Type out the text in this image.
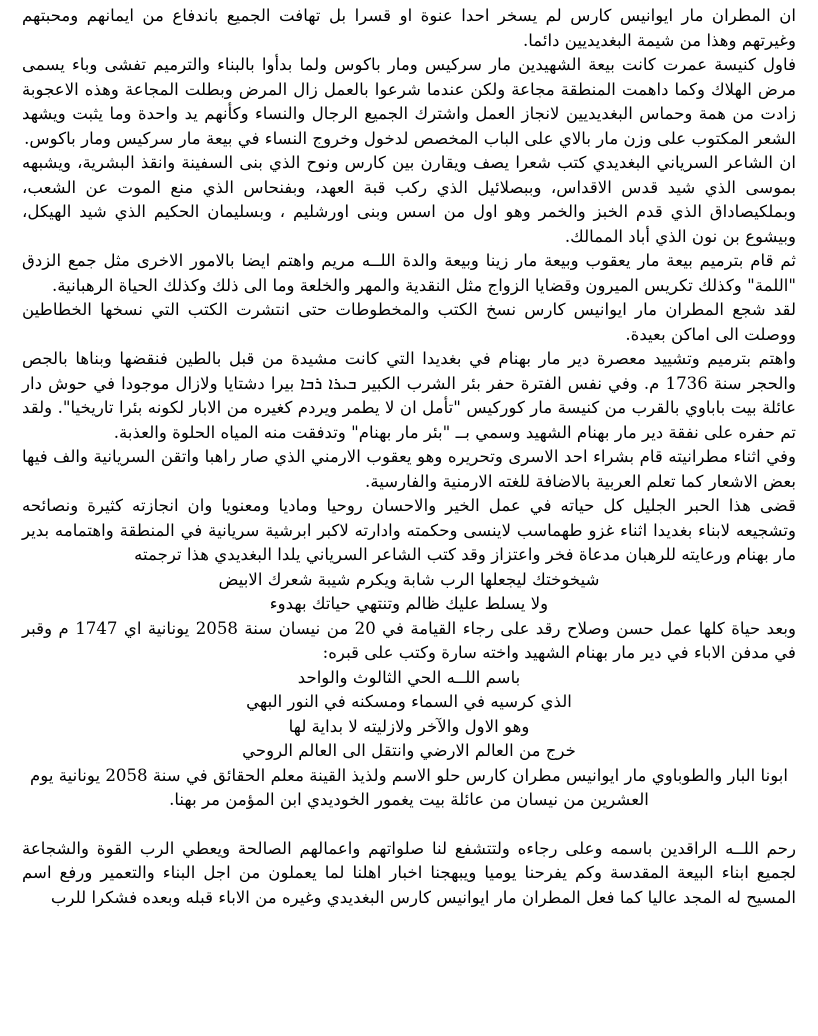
ان المطران مار ايوانيس كارس لم يسخر احدا عنوة او قسرا بل تهافت الجميع باندفاع من ايمانهم ومحبتهم وغيرتهم وهذا من شيمة البغديديين دائما.

فاول كنيسة عمرت كانت بيعة الشهيدين مار سركيس ومار باكوس ولما بدأوا بالبناء والترميم تفشى وباء يسمى مرض الهلاك وكما داهمت المنطقة مجاعة ولكن عندما شرعوا بالعمل زال المرض وبطلت المجاعة وهذه الاعجوبة زادت من همة وحماس البغديديين لانجاز العمل واشترك الجميع الرجال والنساء وكأنهم يد واحدة وما يثبت ويشهد الشعر المكتوب على وزن مار بالاي على الباب المخصص لدخول وخروج النساء في بيعة مار سركيس ومار باكوس.

ان الشاعر السرياني البغديدي كتب شعرا يصف ويقارن بين كارس ونوح الذي بنى السفينة وانقذ البشرية، ويشبهه بموسى الذي شيد قدس الاقداس، وببصلائيل الذي ركب قبة العهد، وبفنحاس الذي منع الموت عن الشعب، وبملكيصاداق الذي قدم الخبز والخمر وهو اول من اسس وبنى اورشليم ، وبسليمان الحكيم الذي شيد الهيكل، وبيشوع بن نون الذي أباد الممالك.

ثم قام بترميم بيعة مار يعقوب وبيعة مار زينا وبيعة والدة اللــه مريم واهتم ايضا بالامور الاخرى مثل جمع الزدق "اللمة" وكذلك تكريس الميرون وقضايا الزواج مثل النقدية والمهر والخلعة وما الى ذلك وكذلك الحياة الرهبانية.

لقد شجع المطران مار ايوانيس كارس نسخ الكتب والمخطوطات حتى انتشرت الكتب التي نسخها الخطاطين ووصلت الى اماكن بعيدة.

واهتم بترميم وتشييد معصرة دير مار بهنام في بغديدا التي كانت مشيدة من قبل بالطين فنقضها وبناها بالجص والحجر سنة 1736 م. وفي نفس الفترة حفر بئر الشرب الكبير ܒܝܪܐ ܪܒܐ بيرا دشتايا ولازال موجودا في حوش دار عائلة بيت باباوي بالقرب من كنيسة مار كوركيس "تأمل ان لا يطمر ويردم كغيره من الابار لكونه بئرا تاريخيا". ولقد تم حفره على نفقة دير مار بهنام الشهيد وسمي بــ "بئر مار بهنام" وتدفقت منه المياه الحلوة والعذبة.

وفي اثناء مطرانيته قام بشراء احد الاسرى وتحريره وهو يعقوب الارمني الذي صار راهبا واتقن السريانية والف فيها بعض الاشعار كما تعلم العربية بالاضافة للغته الارمنية والفارسية.

قضى هذا الحبر الجليل كل حياته في عمل الخير والاحسان روحيا وماديا ومعنويا وان انجازته كثيرة ونصائحه وتشجيعه لابناء بغديدا اثناء غزو طهماسب لاينسى وحكمته وادارته لاكبر ابرشية سريانية في المنطقة واهتمامه بدير مار بهنام ورعايته للرهبان مدعاة فخر واعتزاز وقد كتب الشاعر السرياني يلدا البغديدي هذا ترجمته

شيخوختك ليجعلها الرب شابة ويكرم شيبة شعرك الابيض
ولا يسلط عليك ظالم وتنتهي حياتك بهدوء

وبعد حياة كلها عمل حسن وصلاح رقد على رجاء القيامة في 20 من نيسان سنة 2058 يونانية اي 1747 م وقبر في مدفن الاباء في دير مار بهنام الشهيد واخته سارة وكتب على قبره:

باسم اللــه الحي الثالوث والواحد
الذي كرسيه في السماء ومسكنه في النور البهي
وهو الاول والآخر ولازليته لا بداية لها
خرج من العالم الارضي وانتقل الى العالم الروحي

ابونا البار والطوباوي مار ايوانيس مطران كارس حلو الاسم ولذيذ القينة معلم الحقائق في سنة 2058 يونانية يوم العشرين من نيسان من عائلة بيت يغمور الخوديدي ابن المؤمن مر بهنا.

رحم اللــه الراقدين باسمه وعلى رجاءه ولتتشفع لنا صلواتهم واعمالهم الصالحة ويعطي الرب القوة والشجاعة لجميع ابناء البيعة المقدسة وكم يفرحنا يوميا ويبهجنا اخبار اهلنا لما يعملون من اجل البناء والتعمير ورفع اسم المسيح له المجد عاليا كما فعل المطران مار ايوانيس كارس البغديدي وغيره من الاباء قبله وبعده فشكرا للرب
